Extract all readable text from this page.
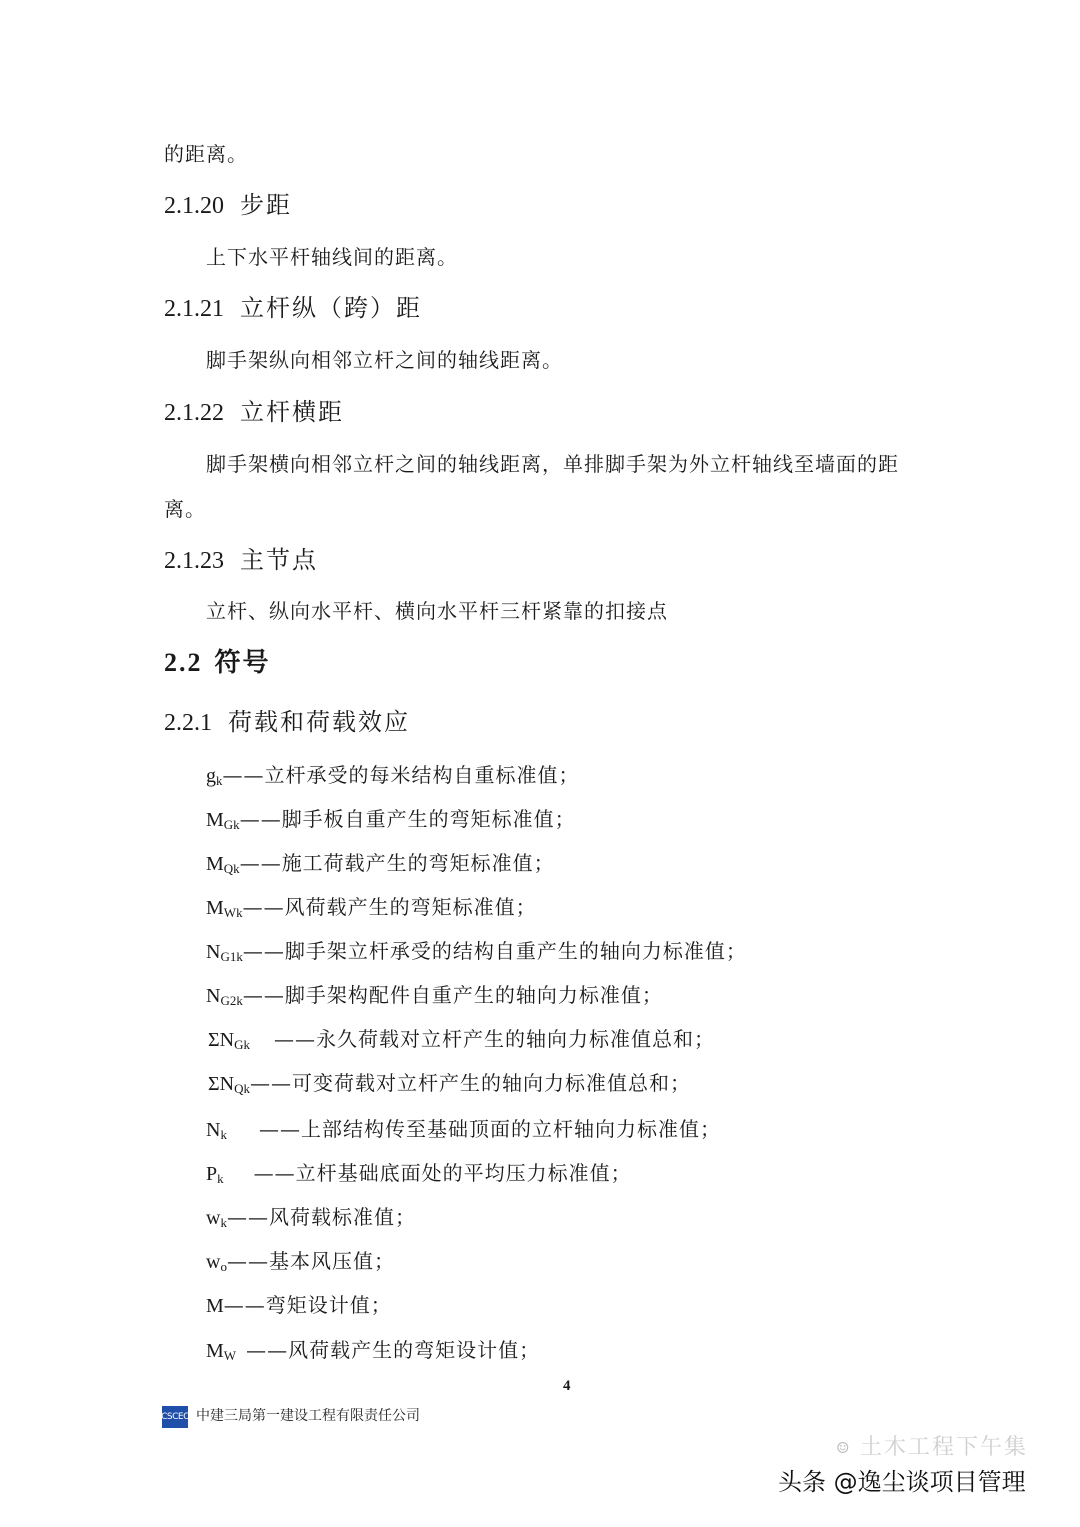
的距离。
2.1.20 步距
上下水平杆轴线间的距离。
2.1.21 立杆纵（跨）距
脚手架纵向相邻立杆之间的轴线距离。
2.1.22 立杆横距
脚手架横向相邻立杆之间的轴线距离，单排脚手架为外立杆轴线至墙面的距
离。
2.1.23 主节点
立杆、纵向水平杆、横向水平杆三杆紧靠的扣接点
2.2 符号
2.2.1 荷载和荷载效应
$g_k——$立杆承受的每米结构自重标准值；
$M_{Gk}——$脚手板自重产生的弯矩标准值；
$M_{Qk}——$施工荷载产生的弯矩标准值；
$M_{Wk}——$风荷载产生的弯矩标准值；
$N_{G1k}——$脚手架立杆承受的结构自重产生的轴向力标准值；
$N_{G2k}——$脚手架构配件自重产生的轴向力标准值；
$\Sigma N_{Gk}$ ——永久荷载对立杆产生的轴向力标准值总和；
$\Sigma N_{Qk}——$可变荷载对立杆产生的轴向力标准值总和；
$N_k$ ——上部结构传至基础顶面的立杆轴向力标准值；
$P_k$ ——立杆基础底面处的平均压力标准值；
$w_k——$风荷载标准值；
$w_o——$基本风压值；
M——弯矩设计值；
$M_W$ ——风荷载产生的弯矩设计值；
4
CSCEC 中建三局第一建设工程有限责任公司
☺ 土木工程下午集
头条 @逸尘谈项目管理
